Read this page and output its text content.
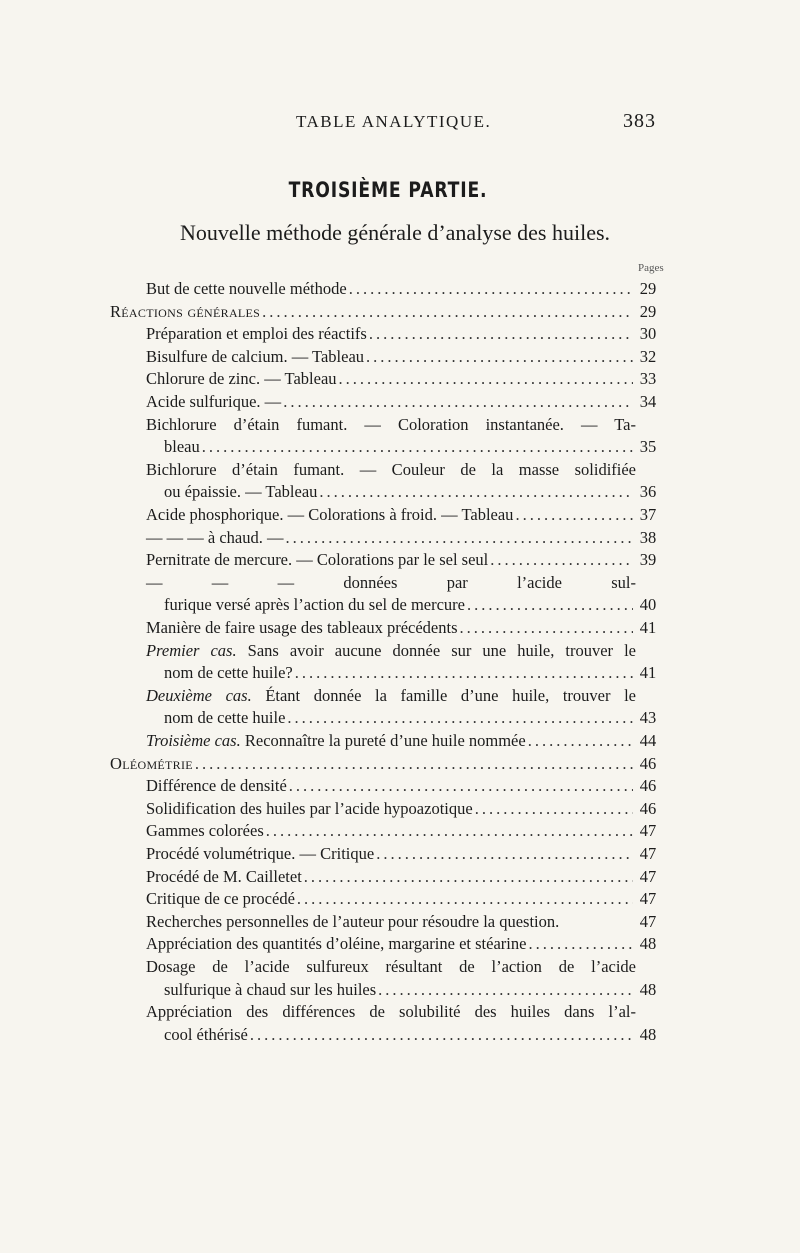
TABLE ANALYTIQUE.	383
TROISIÈME PARTIE.
Nouvelle méthode générale d’analyse des huiles.
Pages
But de cette nouvelle méthode .....	29
Réactions générales .....	29
Préparation et emploi des réactifs .....	30
Bisulfure de calcium. — Tableau .....	32
Chlorure de zinc. — Tableau .....	33
Acide sulfurique. — .....	34
Bichlorure d’étain fumant. — Coloration instantanée. — Ta-
bleau .....	35
Bichlorure d’étain fumant. — Couleur de la masse solidifiée
ou épaissie. — Tableau .....	36
Acide phosphorique. — Colorations à froid. — Tableau .....	37
— — — à chaud. — .....	38
Pernitrate de mercure. — Colorations par le sel seul .....	39
— — — données par l’acide sul-
furique versé après l’action du sel de mercure .....	40
Manière de faire usage des tableaux précédents .....	41
Premier cas. Sans avoir aucune donnée sur une huile, trouver le
nom de cette huile? .....	41
Deuxième cas. Étant donnée la famille d’une huile, trouver le
nom de cette huile .....	43
Troisième cas. Reconnaître la pureté d’une huile nommée .....	44
Oléométrie .....	46
Différence de densité .....	46
Solidification des huiles par l’acide hypoazotique .....	46
Gammes colorées .....	47
Procédé volumétrique. — Critique .....	47
Procédé de M. Cailletet .....	47
Critique de ce procédé .....	47
Recherches personnelles de l’auteur pour résoudre la question.	47
Appréciation des quantités d’oléine, margarine et stéarine .....	48
Dosage de l’acide sulfureux résultant de l’action de l’acide
sulfurique à chaud sur les huiles .....	48
Appréciation des différences de solubilité des huiles dans l’al-
cool éthérisé .....	48
